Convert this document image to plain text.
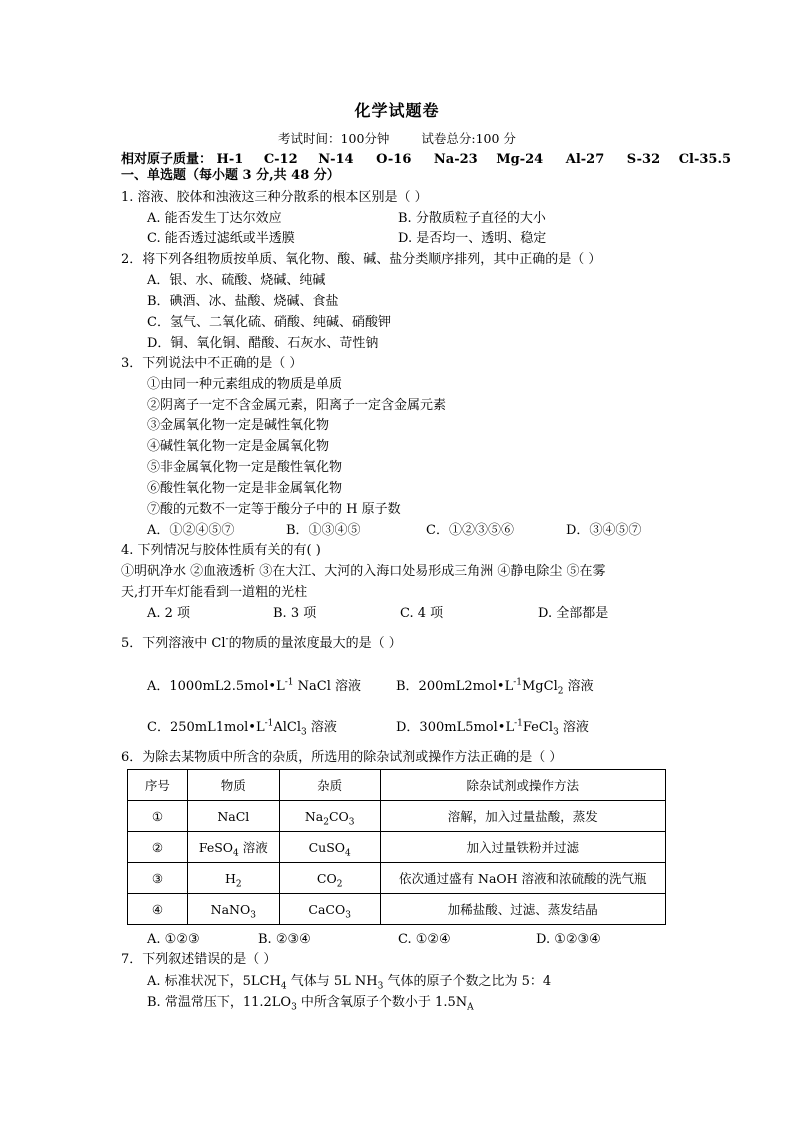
化学试题卷
考试时间：100分钟	试卷总分:100 分
相对原子质量： H-1 C-12 N-14 O-16 Na-23 Mg-24 Al-27 S-32 Cl-35.5
一、单选题（每小题 3 分,共 48 分）
1. 溶液、胶体和浊液这三种分散系的根本区别是（ ）
A. 能否发生丁达尔效应	B. 分散质粒子直径的大小
C. 能否透过滤纸或半透膜	D. 是否均一、透明、稳定
2．将下列各组物质按单质、氧化物、酸、碱、盐分类顺序排列，其中正确的是（ ）
A．银、水、硫酸、烧碱、纯碱
B．碘酒、冰、盐酸、烧碱、食盐
C．氢气、二氧化硫、硝酸、纯碱、硝酸钾
D．铜、氧化铜、醋酸、石灰水、苛性钠
3．下列说法中不正确的是（ ）
①由同一种元素组成的物质是单质
②阴离子一定不含金属元素，阳离子一定含金属元素
③金属氧化物一定是碱性氧化物
④碱性氧化物一定是金属氧化物
⑤非金属氧化物一定是酸性氧化物
⑥酸性氧化物一定是非金属氧化物
⑦酸的元数不一定等于酸分子中的 H 原子数
A．①②④⑤⑦	B．①③④⑤	C．①②③⑤⑥	D．③④⑤⑦
4. 下列情况与胶体性质有关的有( )
①明矾净水 ②血液透析 ③在大江、大河的入海口处易形成三角洲 ④静电除尘 ⑤在雾
天,打开车灯能看到一道粗的光柱
A. 2 项	B. 3 项	C. 4 项	D. 全部都是
5．下列溶液中 Cl-的物质的量浓度最大的是（ ）
A．$1000mL2.5mol•L^{-1}$ NaCl 溶液	B．$200mL2mol•L^{-1}MgCl_2$ 溶液
C．$250mL1mol•L^{-1}AlCl_3$ 溶液	D．$300mL5mol•L^{-1}FeCl_3$ 溶液
6．为除去某物质中所含的杂质，所选用的除杂试剂或操作方法正确的是（ ）
序号	物质	杂质	除杂试剂或操作方法
①	NaCl	$Na_2CO_3$	溶解，加入过量盐酸，蒸发
②	FeSO$_4$ 溶液	CuSO$_4$	加入过量铁粉并过滤
③	$H_2$	$CO_2$	依次通过盛有 NaOH 溶液和浓硫酸的洗气瓶
④	NaNO$_3$	CaCO$_3$	加稀盐酸、过滤、蒸发结晶
A. ①②③	B. ②③④	C. ①②④	D. ①②③④
7．下列叙述错误的是（ ）
A. 标准状况下，$5LCH_4$ 气体与 5L $NH_3$ 气体的原子个数之比为 5：4
B. 常温常压下，$11.2LO_3$ 中所含氧原子个数小于 $1.5N_A$
